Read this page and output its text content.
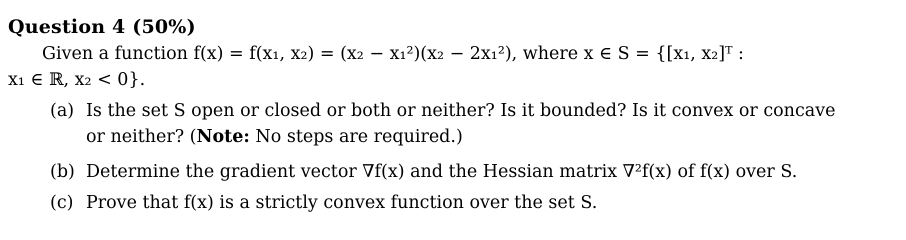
Question 4 (50%)
Given a function f(x) = f(x₁, x₂) = (x₂ − x₁²)(x₂ − 2x₁²), where x ∈ S = {[x₁, x₂]ᵀ :
x₁ ∈ ℝ, x₂ < 0}.
(a) Is the set S open or closed or both or neither? Is it bounded? Is it convex or concave
or neither? (Note: No steps are required.)
(b) Determine the gradient vector ∇f(x) and the Hessian matrix ∇²f(x) of f(x) over S.
(c) Prove that f(x) is a strictly convex function over the set S.
